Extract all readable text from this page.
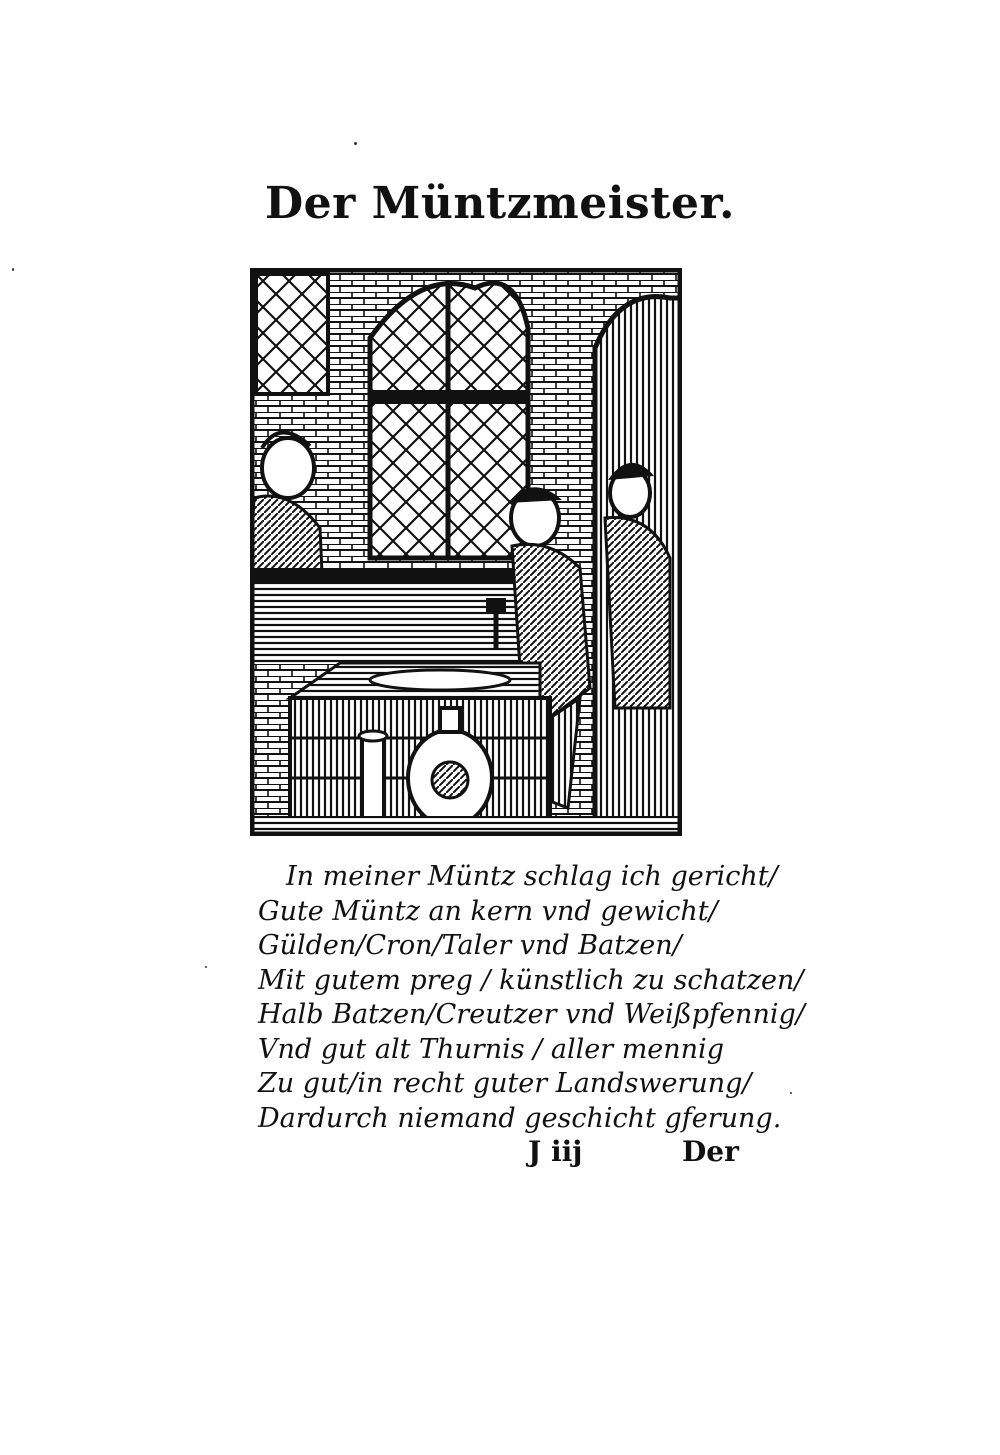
Der Müntzmeister.
In meiner Müntz schlag ich gericht/
Gute Müntz an kern vnd gewicht/
Gülden/Cron/Taler vnd Batzen/
Mit gutem preg / künstlich zu schatzen/
Halb Batzen/Creutzer vnd Weißpfennig/
Vnd gut alt Thurnis / aller mennig
Zu gut/in recht guter Landswerung/
Dardurch niemand geschicht gferung.
J iij	Der
